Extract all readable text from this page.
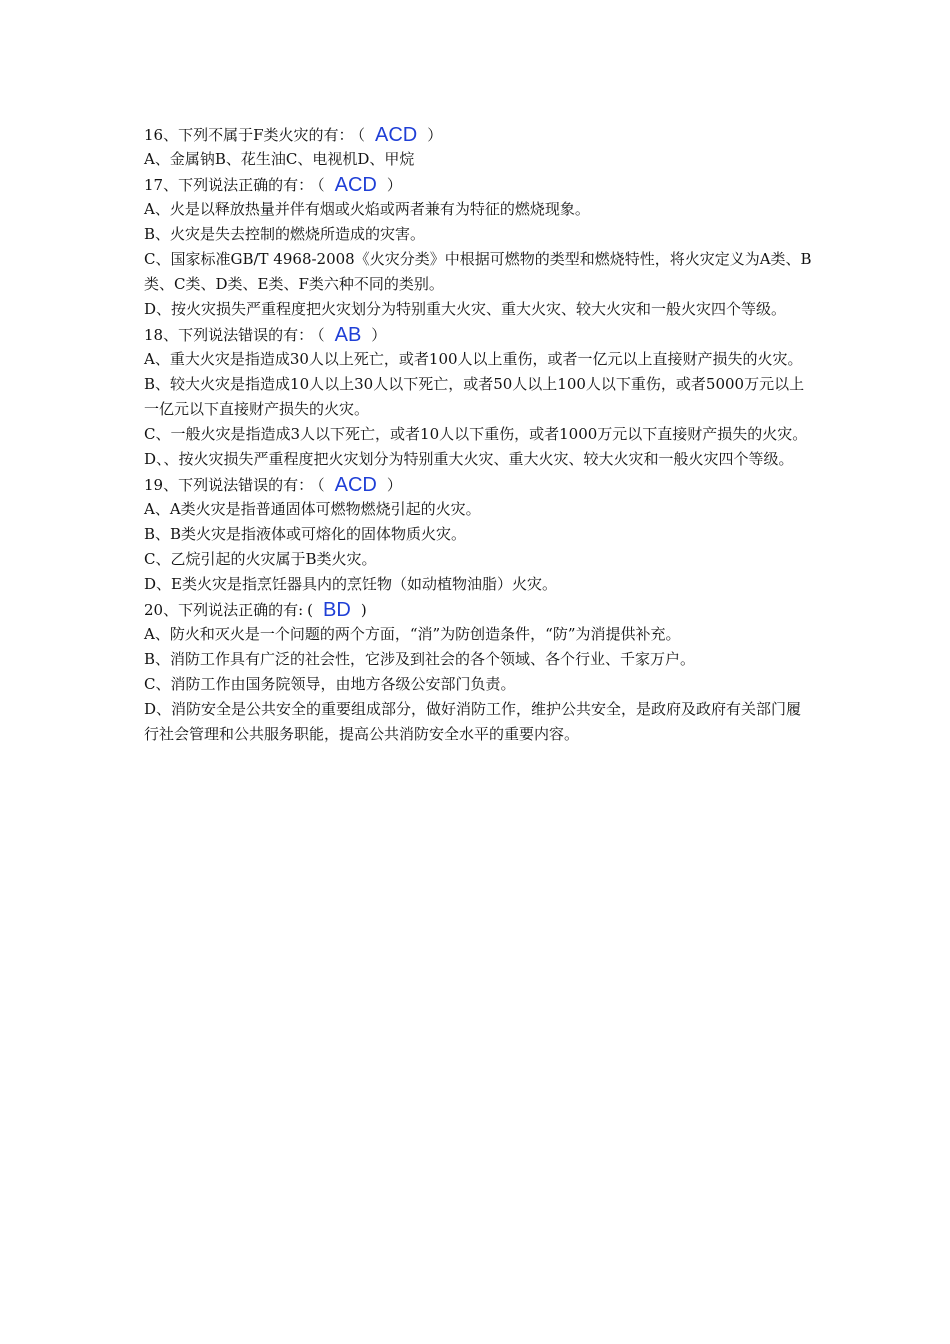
16、下列不属于F类火灾的有： （ ACD ）
A、金属钠B、花生油C、电视机D、甲烷
17、下列说法正确的有： （ ACD ）
A、火是以释放热量并伴有烟或火焰或两者兼有为特征的燃烧现象。
B、火灾是失去控制的燃烧所造成的灾害。
C、国家标准GB/T 4968-2008《火灾分类》中根据可燃物的类型和燃烧特性，将火灾定义为A类、B类、C类、D类、E类、F类六种不同的类别。
D、按火灾损失严重程度把火灾划分为特别重大火灾、重大火灾、较大火灾和一般火灾四个等级。
18、下列说法错误的有： （ AB ）
A、重大火灾是指造成30人以上死亡，或者100人以上重伤，或者一亿元以上直接财产损失的火灾。
B、较大火灾是指造成10人以上30人以下死亡，或者50人以上100人以下重伤，或者5000万元以上一亿元以下直接财产损失的火灾。
C、一般火灾是指造成3人以下死亡，或者10人以下重伤，或者1000万元以下直接财产损失的火灾。
D、、按火灾损失严重程度把火灾划分为特别重大火灾、重大火灾、较大火灾和一般火灾四个等级。
19、下列说法错误的有： （ ACD ）
A、A类火灾是指普通固体可燃物燃烧引起的火灾。
B、B类火灾是指液体或可熔化的固体物质火灾。
C、乙烷引起的火灾属于B类火灾。
D、E类火灾是指烹饪器具内的烹饪物（如动植物油脂）火灾。
20、下列说法正确的有: ( BD )
A、防火和灭火是一个问题的两个方面，“消”为防创造条件，“防”为消提供补充。
B、消防工作具有广泛的社会性，它涉及到社会的各个领域、各个行业、千家万户。
C、消防工作由国务院领导，由地方各级公安部门负责。
D、消防安全是公共安全的重要组成部分，做好消防工作，维护公共安全，是政府及政府有关部门履行社会管理和公共服务职能，提高公共消防安全水平的重要内容。
